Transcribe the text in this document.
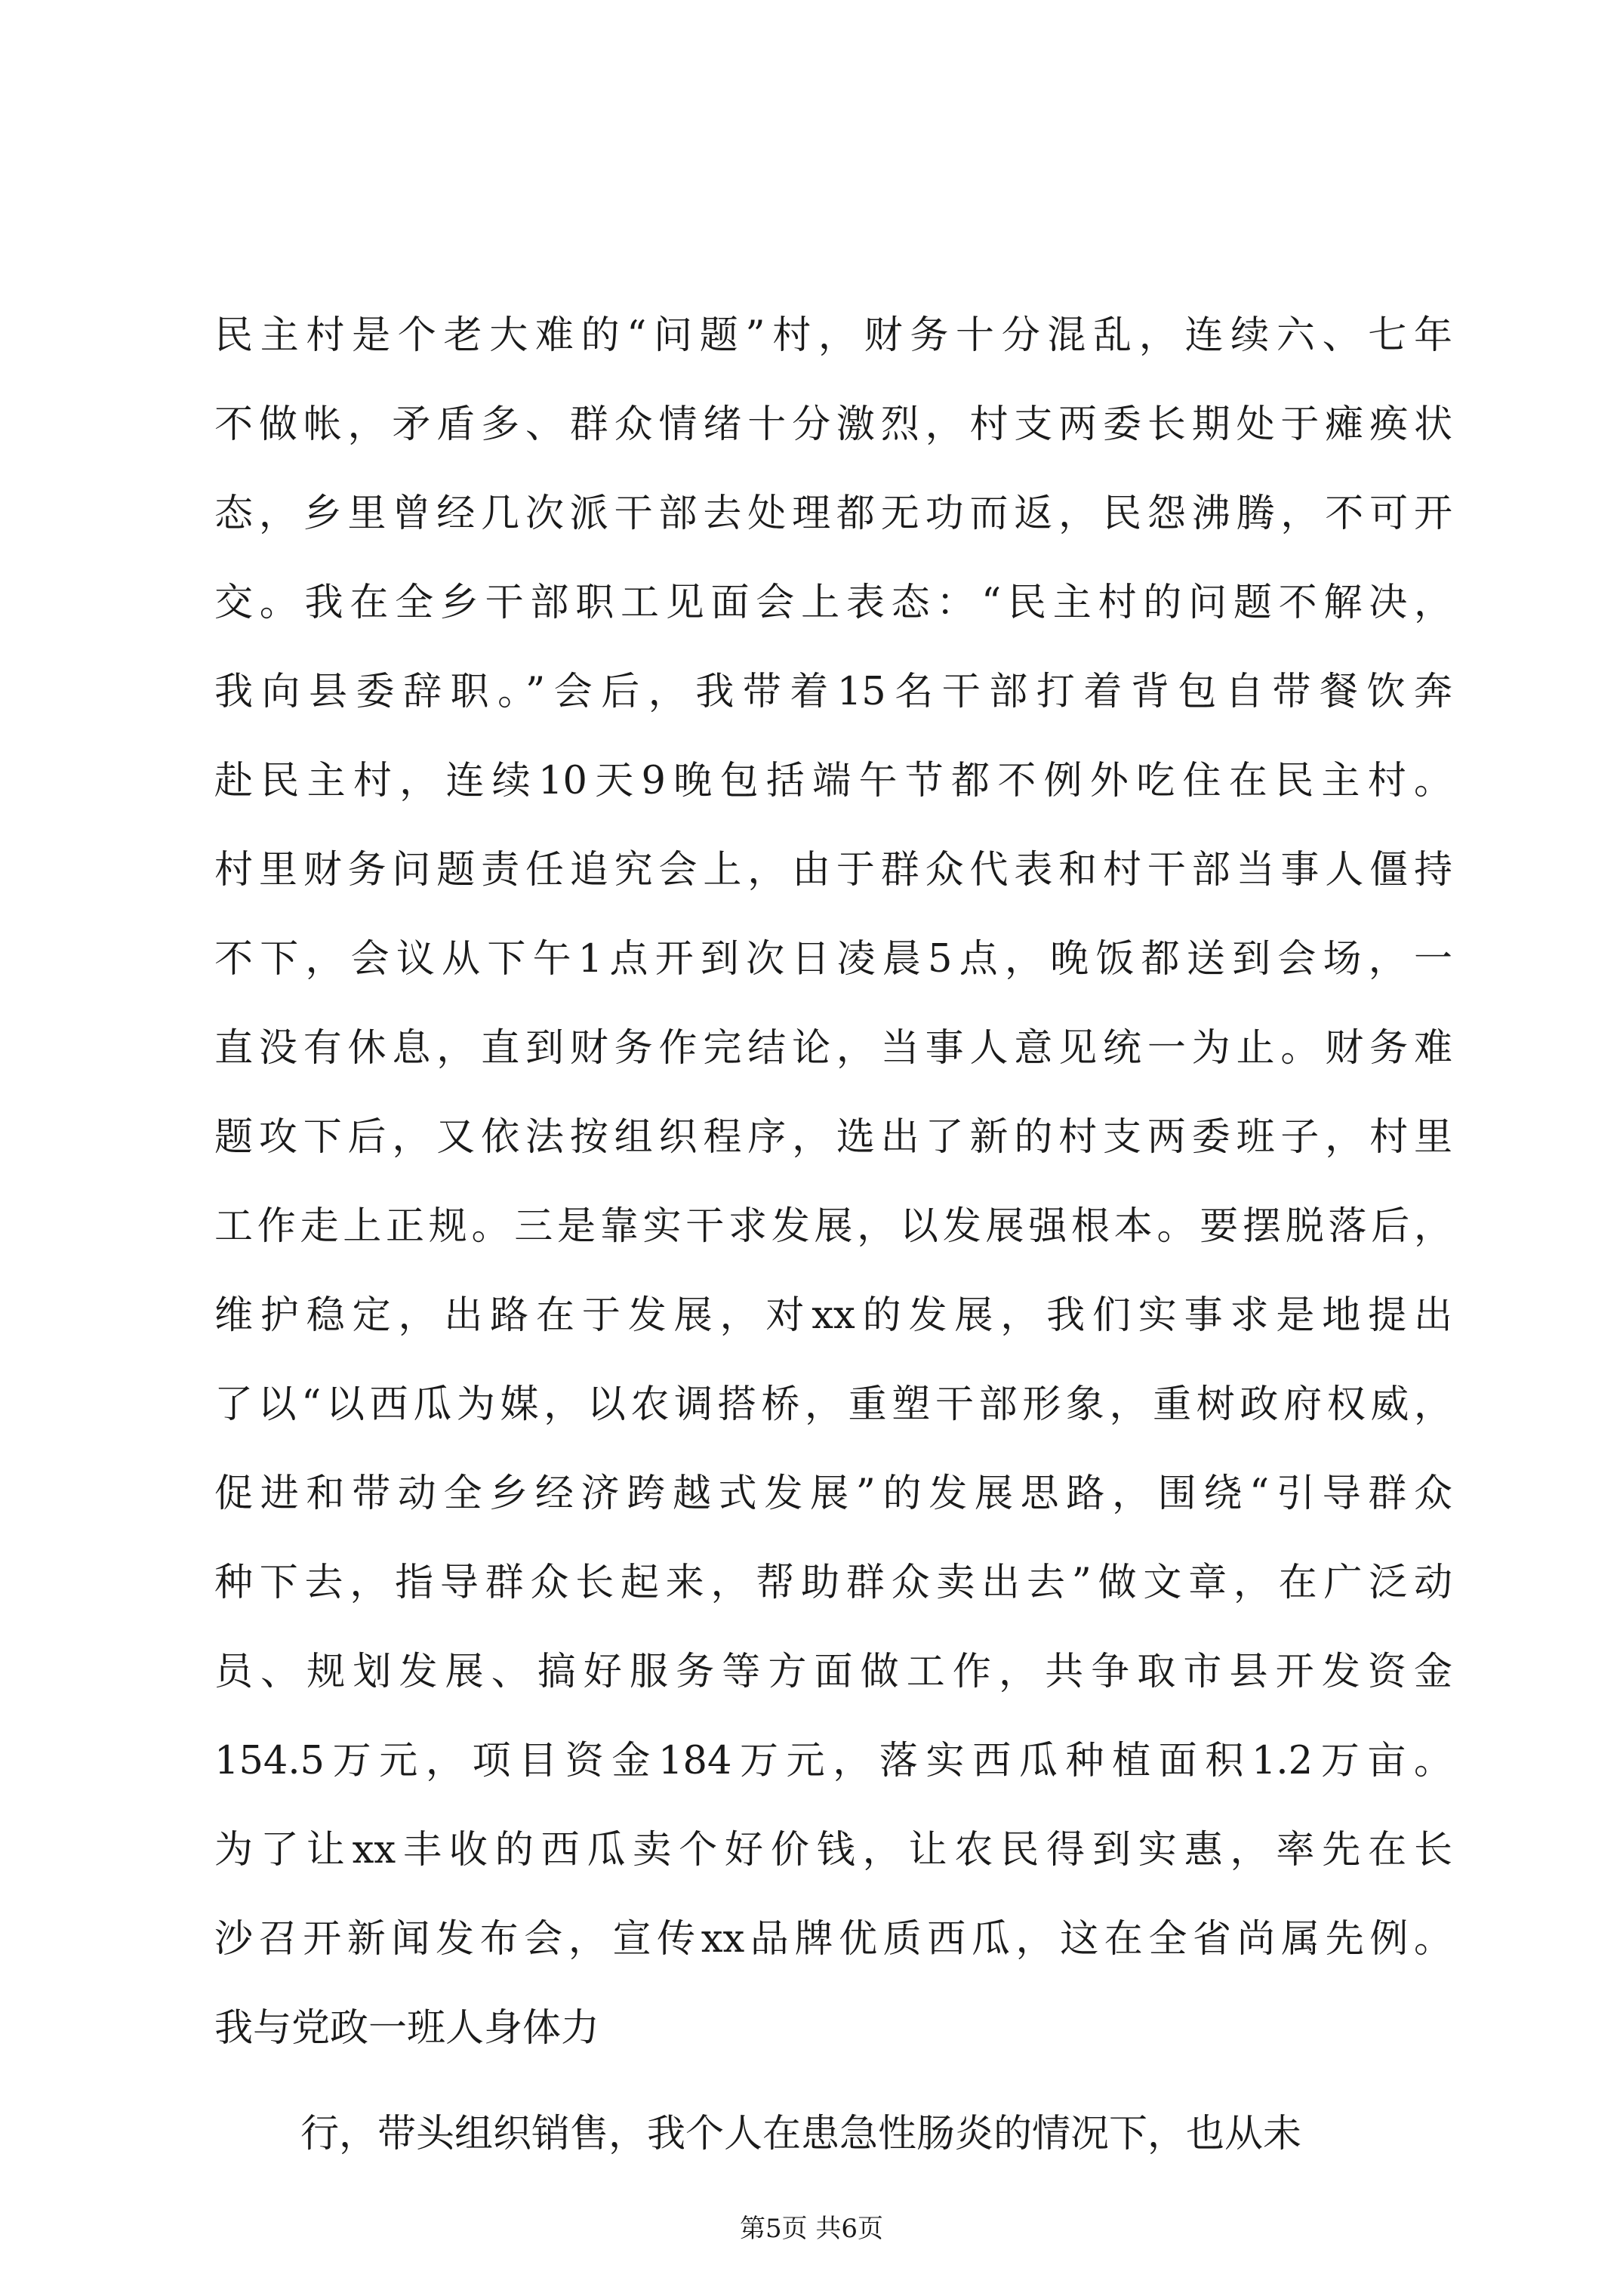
民主村是个老大难的“问题”村，财务十分混乱，连续六、七年
不做帐，矛盾多、群众情绪十分激烈，村支两委长期处于瘫痪状
态，乡里曾经几次派干部去处理都无功而返，民怨沸腾，不可开
交。我在全乡干部职工见面会上表态：“民主村的问题不解决，
我向县委辞职。”会后，我带着15名干部打着背包自带餐饮奔
赴民主村，连续10天9晚包括端午节都不例外吃住在民主村。
村里财务问题责任追究会上，由于群众代表和村干部当事人僵持
不下，会议从下午1点开到次日凌晨5点，晚饭都送到会场，一
直没有休息，直到财务作完结论，当事人意见统一为止。财务难
题攻下后，又依法按组织程序，选出了新的村支两委班子，村里
工作走上正规。三是靠实干求发展，以发展强根本。要摆脱落后，
维护稳定，出路在于发展，对xx的发展，我们实事求是地提出
了以“以西瓜为媒，以农调搭桥，重塑干部形象，重树政府权威，
促进和带动全乡经济跨越式发展”的发展思路，围绕“引导群众
种下去，指导群众长起来，帮助群众卖出去”做文章，在广泛动
员、规划发展、搞好服务等方面做工作，共争取市县开发资金
154.5万元，项目资金184万元，落实西瓜种植面积1.2万亩。
为了让xx丰收的西瓜卖个好价钱，让农民得到实惠，率先在长
沙召开新闻发布会，宣传xx品牌优质西瓜，这在全省尚属先例。
我与党政一班人身体力
行，带头组织销售，我个人在患急性肠炎的情况下，也从未
第5页 共6页
